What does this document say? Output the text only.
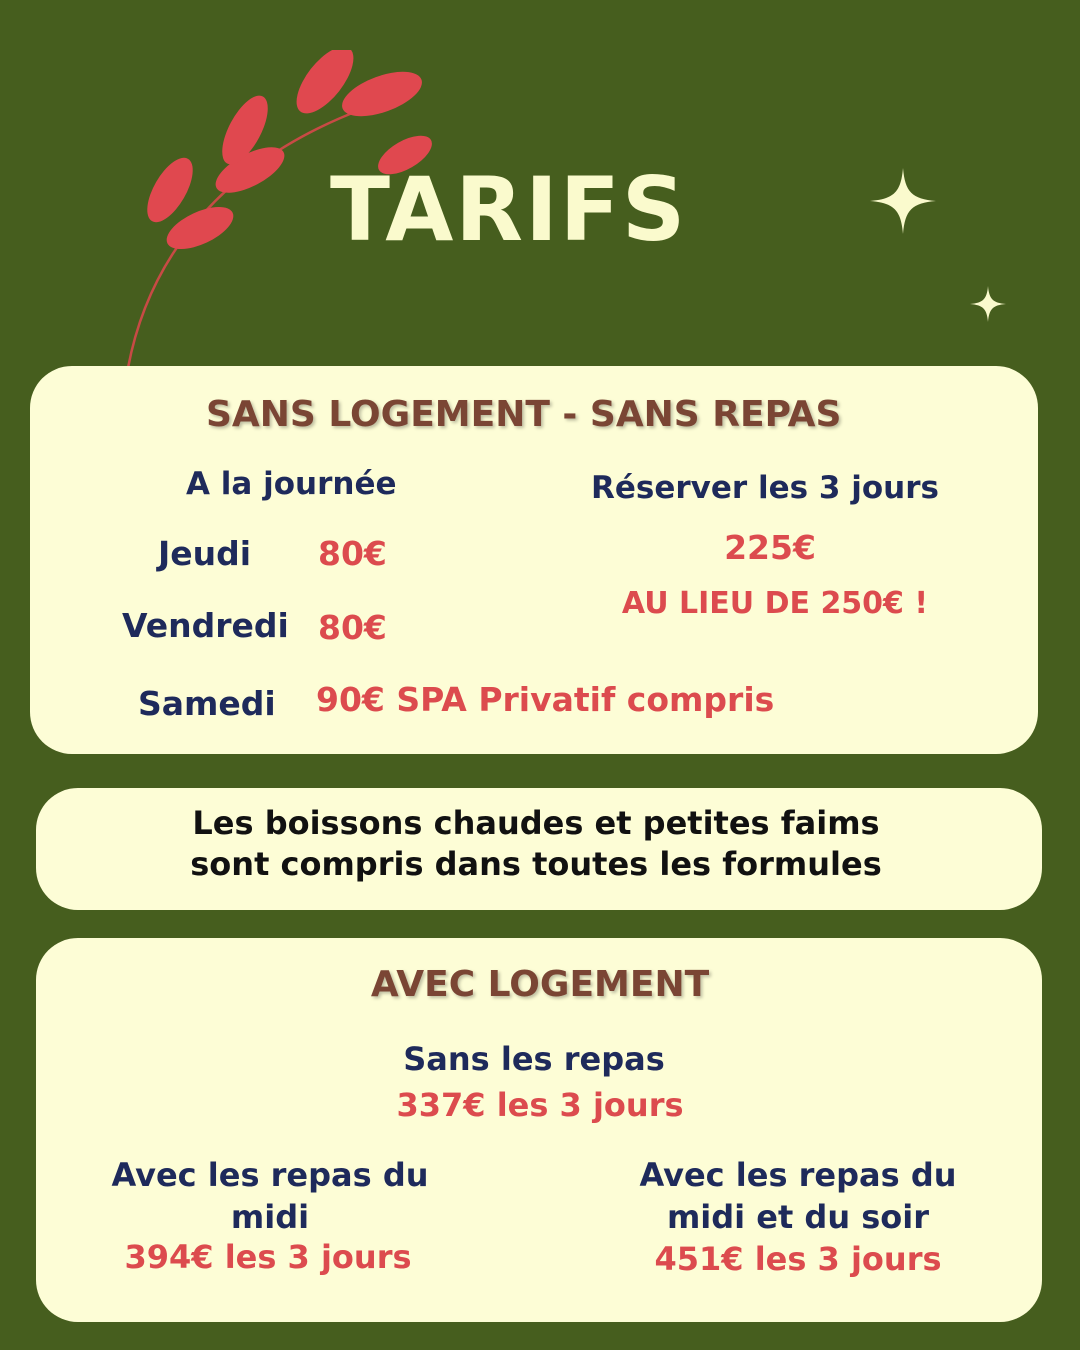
TARIFS
SANS LOGEMENT - SANS REPAS
A la journée
Jeudi 80€
Vendredi 80€
Samedi 90€ SPA Privatif compris
Réserver les 3 jours
225€
AU LIEU DE 250€ !
Les boissons chaudes et petites faims
sont compris dans toutes les formules
AVEC LOGEMENT
Sans les repas
337€ les 3 jours
Avec les repas du
midi
394€ les 3 jours
Avec les repas du
midi et du soir
451€ les 3 jours
